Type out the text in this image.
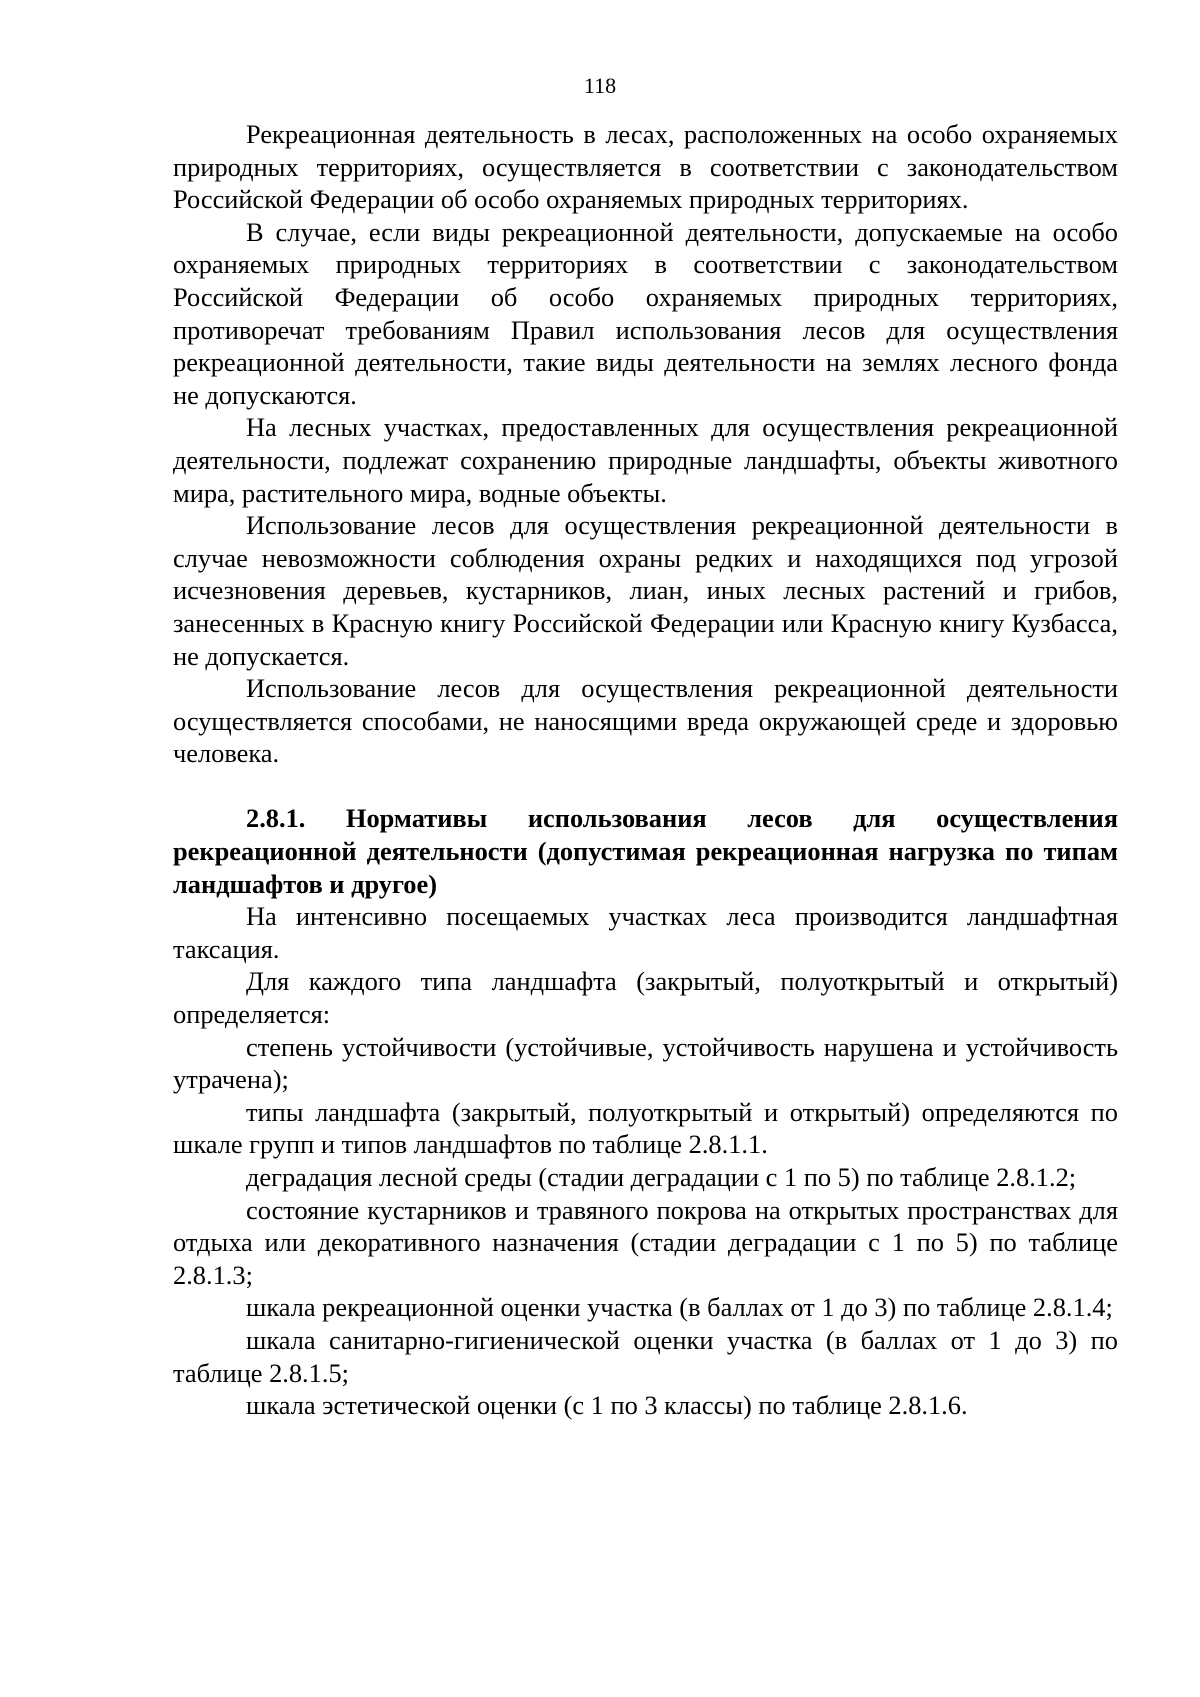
118

Рекреационная деятельность в лесах, расположенных на особо охраняемых природных территориях, осуществляется в соответствии с законодательством Российской Федерации об особо охраняемых природных территориях.

В случае, если виды рекреационной деятельности, допускаемые на особо охраняемых природных территориях в соответствии с законодательством Российской Федерации об особо охраняемых природных территориях, противоречат требованиям Правил использования лесов для осуществления рекреационной деятельности, такие виды деятельности на землях лесного фонда не допускаются.

На лесных участках, предоставленных для осуществления рекреационной деятельности, подлежат сохранению природные ландшафты, объекты животного мира, растительного мира, водные объекты.

Использование лесов для осуществления рекреационной деятельности в случае невозможности соблюдения охраны редких и находящихся под угрозой исчезновения деревьев, кустарников, лиан, иных лесных растений и грибов, занесенных в Красную книгу Российской Федерации или Красную книгу Кузбасса, не допускается.

Использование лесов для осуществления рекреационной деятельности осуществляется способами, не наносящими вреда окружающей среде и здоровью человека.

2.8.1. Нормативы использования лесов для осуществления рекреационной деятельности (допустимая рекреационная нагрузка по типам ландшафтов и другое)

На интенсивно посещаемых участках леса производится ландшафтная таксация.

Для каждого типа ландшафта (закрытый, полуоткрытый и открытый) определяется:

степень устойчивости (устойчивые, устойчивость нарушена и устойчивость утрачена);

типы ландшафта (закрытый, полуоткрытый и открытый) определяются по шкале групп и типов ландшафтов по таблице 2.8.1.1.

деградация лесной среды (стадии деградации с 1 по 5) по таблице 2.8.1.2;

состояние кустарников и травяного покрова на открытых пространствах для отдыха или декоративного назначения (стадии деградации с 1 по 5) по таблице 2.8.1.3;

шкала рекреационной оценки участка (в баллах от 1 до 3) по таблице 2.8.1.4;

шкала санитарно-гигиенической оценки участка (в баллах от 1 до 3) по таблице 2.8.1.5;

шкала эстетической оценки (с 1 по 3 классы) по таблице 2.8.1.6.
